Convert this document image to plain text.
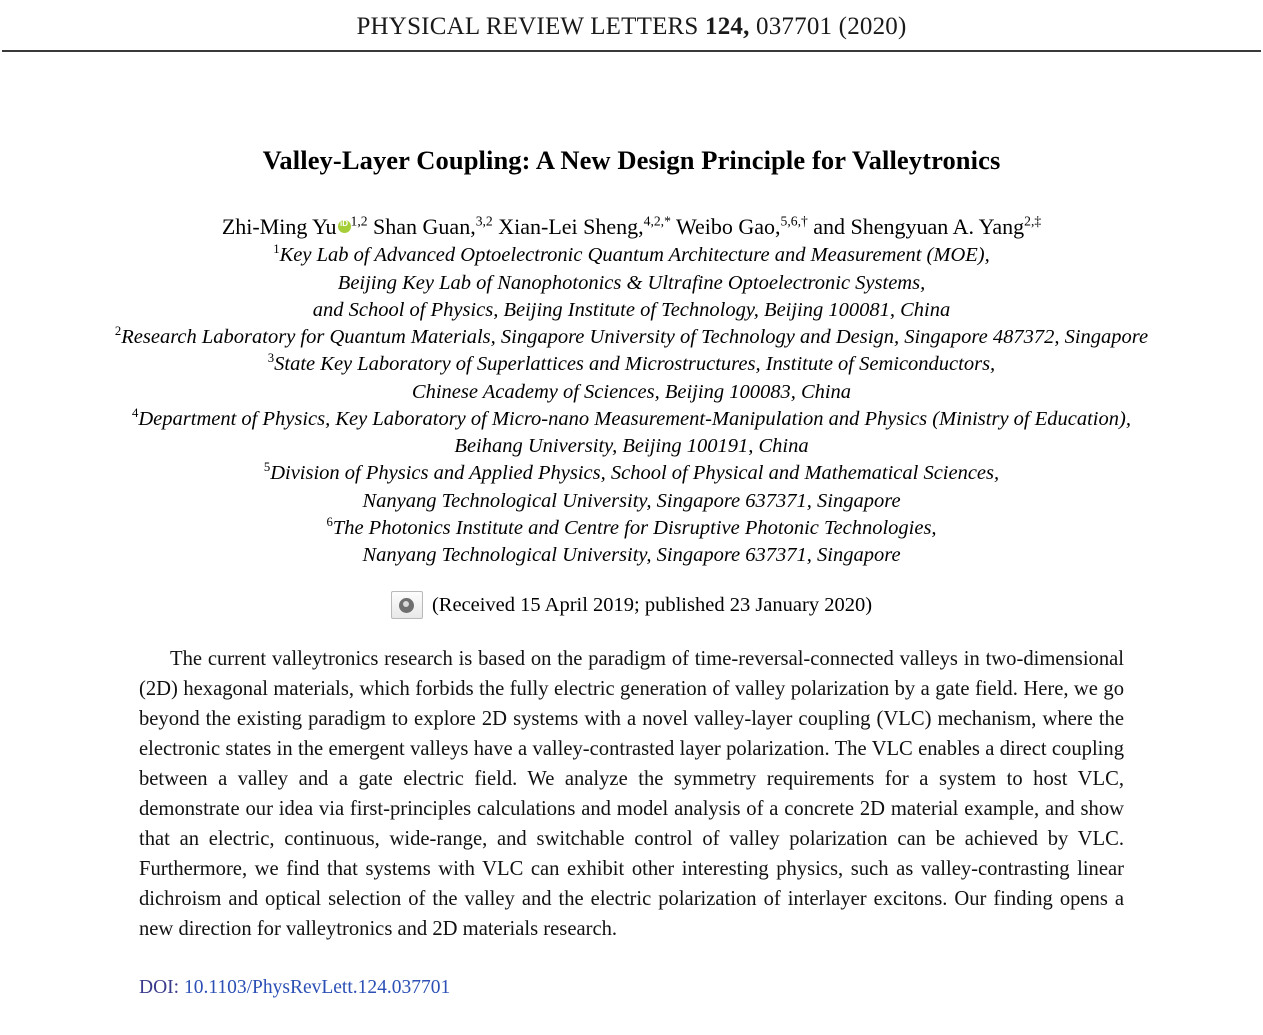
PHYSICAL REVIEW LETTERS 124, 037701 (2020)
Valley-Layer Coupling: A New Design Principle for Valleytronics
Zhi-Ming Yu iD $^{1,2}$ Shan Guan,$^{3,2}$ Xian-Lei Sheng,$^{4,2,*}$ Weibo Gao,$^{5,6,\dagger}$ and Shengyuan A. Yang$^{2,\ddagger}$
$^1$Key Lab of Advanced Optoelectronic Quantum Architecture and Measurement (MOE),
Beijing Key Lab of Nanophotonics & Ultrafine Optoelectronic Systems,
and School of Physics, Beijing Institute of Technology, Beijing 100081, China
$^2$Research Laboratory for Quantum Materials, Singapore University of Technology and Design, Singapore 487372, Singapore
$^3$State Key Laboratory of Superlattices and Microstructures, Institute of Semiconductors,
Chinese Academy of Sciences, Beijing 100083, China
$^4$Department of Physics, Key Laboratory of Micro-nano Measurement-Manipulation and Physics (Ministry of Education),
Beihang University, Beijing 100191, China
$^5$Division of Physics and Applied Physics, School of Physical and Mathematical Sciences,
Nanyang Technological University, Singapore 637371, Singapore
$^6$The Photonics Institute and Centre for Disruptive Photonic Technologies,
Nanyang Technological University, Singapore 637371, Singapore
(Received 15 April 2019; published 23 January 2020)
The current valleytronics research is based on the paradigm of time-reversal-connected valleys in two-dimensional (2D) hexagonal materials, which forbids the fully electric generation of valley polarization by a gate field. Here, we go beyond the existing paradigm to explore 2D systems with a novel valley-layer coupling (VLC) mechanism, where the electronic states in the emergent valleys have a valley-contrasted layer polarization. The VLC enables a direct coupling between a valley and a gate electric field. We analyze the symmetry requirements for a system to host VLC, demonstrate our idea via first-principles calculations and model analysis of a concrete 2D material example, and show that an electric, continuous, wide-range, and switchable control of valley polarization can be achieved by VLC. Furthermore, we find that systems with VLC can exhibit other interesting physics, such as valley-contrasting linear dichroism and optical selection of the valley and the electric polarization of interlayer excitons. Our finding opens a new direction for valleytronics and 2D materials research.
DOI: 10.1103/PhysRevLett.124.037701
